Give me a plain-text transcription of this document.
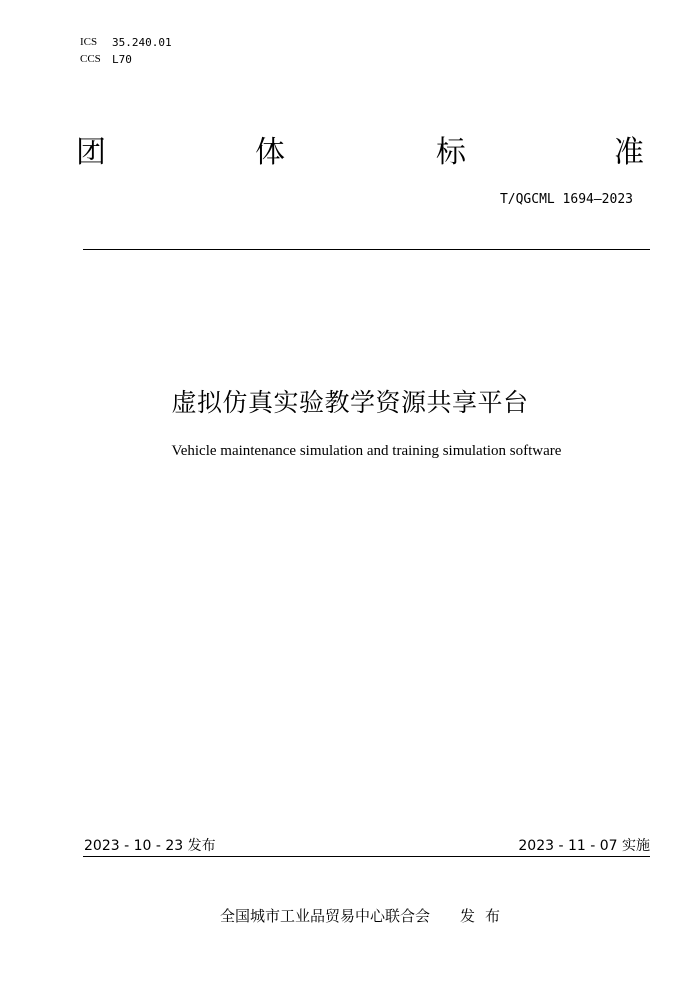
ICS 35.240.01
CCS L70
团	体	标	准
T/QGCML 1694—2023
虚拟仿真实验教学资源共享平台
Vehicle maintenance simulation and training simulation software
2023 - 10 - 23 发布	2023 - 11 - 07 实施
全国城市工业品贸易中心联合会 发布
